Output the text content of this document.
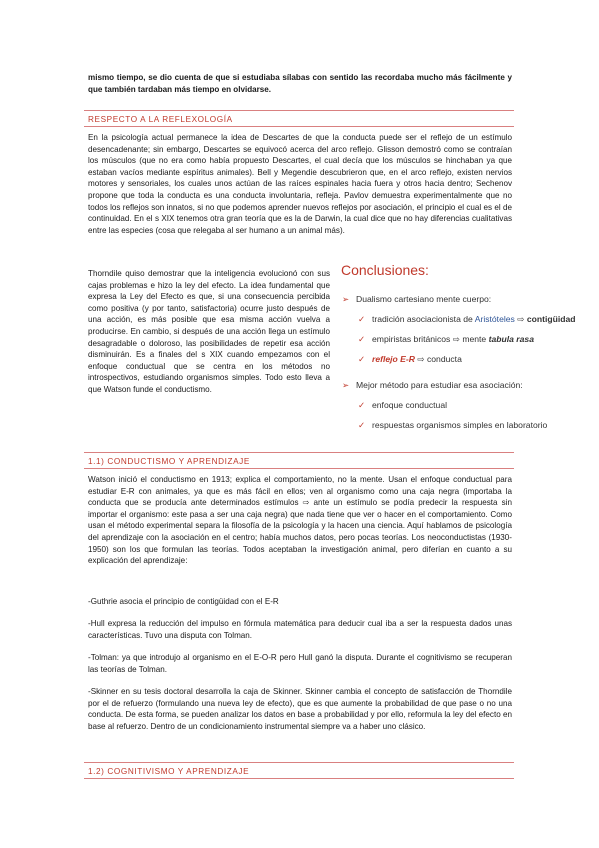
mismo tiempo, se dio cuenta de que si estudiaba sílabas con sentido las recordaba mucho más fácilmente y que también tardaban más tiempo en olvidarse.

RESPECTO A LA REFLEXOLOGÍA

En la psicología actual permanece la idea de Descartes de que la conducta puede ser el reflejo de un estímulo desencadenante; sin embargo, Descartes se equivocó acerca del arco reflejo. Glisson demostró como se contraían los músculos (que no era como había propuesto Descartes, el cual decía que los músculos se hinchaban ya que estaban vacíos mediante espíritus animales). Bell y Megendie descubrieron que, en el arco reflejo, existen nervios motores y sensoriales, los cuales unos actúan de las raíces espinales hacia fuera y otros hacia dentro; Sechenov propone que toda la conducta es una conducta involuntaria, refleja. Pavlov demuestra experimentalmente que no todos los reflejos son innatos, si no que podemos aprender nuevos reflejos por asociación, el principio el cual es el de continuidad. En el s XIX tenemos otra gran teoría que es la de Darwin, la cual dice que no hay diferencias cualitativas entre las especies (cosa que relegaba al ser humano a un animal más).

Thorndile quiso demostrar que la inteligencia evolucionó con sus cajas problemas e hizo la ley del efecto. La idea fundamental que expresa la Ley del Efecto es que, si una consecuencia percibida como positiva (y por tanto, satisfactoria) ocurre justo después de una acción, es más posible que esa misma acción vuelva a producirse. En cambio, si después de una acción llega un estímulo desagradable o doloroso, las posibilidades de repetir esa acción disminuirán. Es a finales del s XIX cuando empezamos con el enfoque conductual que se centra en los métodos no introspectivos, estudiando organismos simples. Todo esto lleva a que Watson funde el conductismo.

Conclusiones:

➢ Dualismo cartesiano mente cuerpo:
✓ tradición asociacionista de Aristóteles ⇨ contigüidad
✓ empiristas británicos ⇨ mente tabula rasa
✓ reflejo E-R ⇨ conducta
➢ Mejor método para estudiar esa asociación:
✓ enfoque conductual
✓ respuestas organismos simples en laboratorio

1.1) CONDUCTISMO Y APRENDIZAJE

Watson inició el conductismo en 1913; explica el comportamiento, no la mente. Usan el enfoque conductual para estudiar E-R con animales, ya que es más fácil en ellos; ven al organismo como una caja negra (importaba la conducta que se producía ante determinados estímulos ⇨ ante un estímulo se podía predecir la respuesta sin importar el organismo: este pasa a ser una caja negra) que nada tiene que ver o hacer en el comportamiento. Como usan el método experimental separa la filosofía de la psicología y la hacen una ciencia. Aquí hablamos de psicología del aprendizaje con la asociación en el centro; había muchos datos, pero pocas teorías. Los neoconductistas (1930-1950) son los que formulan las teorías. Todos aceptaban la investigación animal, pero diferían en cuanto a su explicación del aprendizaje:

-Guthrie asocia el principio de contigüidad con el E-R

-Hull expresa la reducción del impulso en fórmula matemática para deducir cual iba a ser la respuesta dados unas características. Tuvo una disputa con Tolman.

-Tolman: ya que introdujo al organismo en el E-O-R pero Hull ganó la disputa. Durante el cognitivismo se recuperan las teorías de Tolman.

-Skinner en su tesis doctoral desarrolla la caja de Skinner. Skinner cambia el concepto de satisfacción de Thorndile por el de refuerzo (formulando una nueva ley de efecto), que es que aumente la probabilidad de que pase o no una conducta. De esta forma, se pueden analizar los datos en base a probabilidad y por ello, reformula la ley del efecto en base al refuerzo. Dentro de un condicionamiento instrumental siempre va a haber uno clásico.

1.2) COGNITIVISMO Y APRENDIZAJE
